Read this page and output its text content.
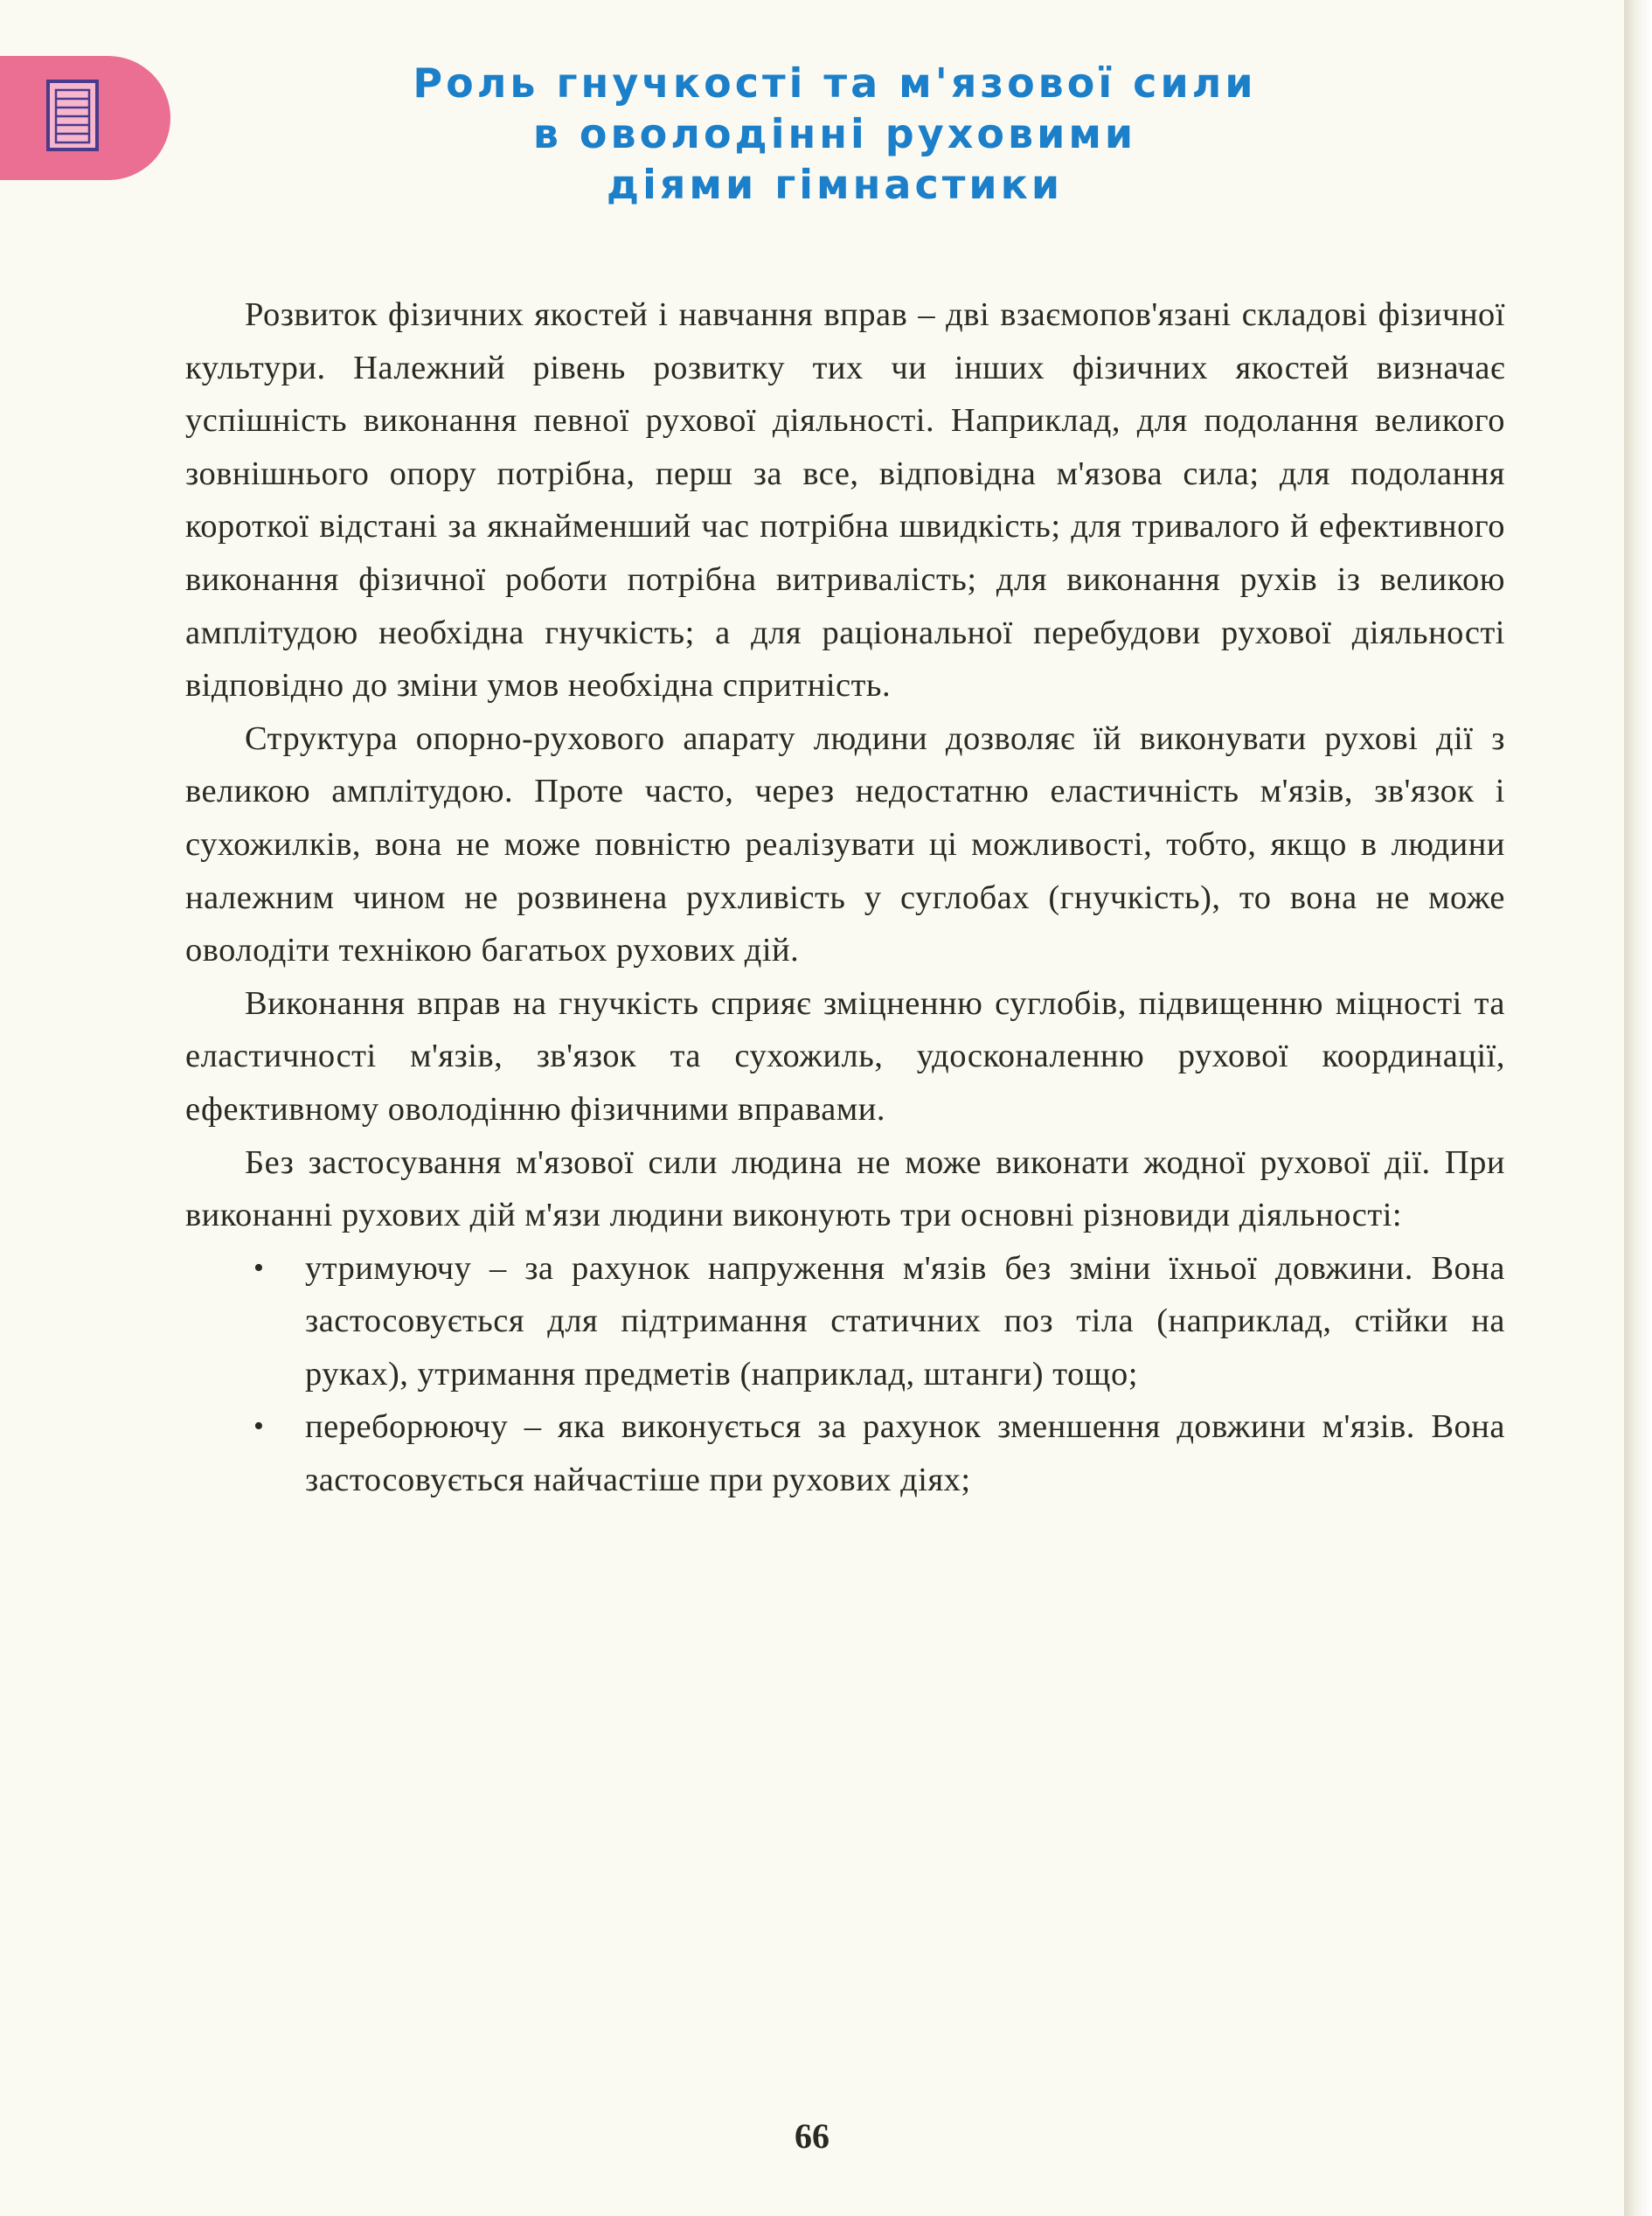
Роль гнучкості та м'язової сили
в оволодінні руховими
діями гімнастики

Розвиток фізичних якостей і навчання вправ – дві взаємопов'язані складові фізичної культури. Належний рівень розвитку тих чи інших фізичних якостей визначає успішність виконання певної рухової діяльності. Наприклад, для подолання великого зовнішнього опору потрібна, перш за все, відповідна м'язова сила; для подолання короткої відстані за якнайменший час потрібна швидкість; для тривалого й ефективного виконання фізичної роботи потрібна витривалість; для виконання рухів із великою амплітудою необхідна гнучкість; а для раціональної перебудови рухової діяльності відповідно до зміни умов необхідна спритність.

Структура опорно-рухового апарату людини дозволяє їй виконувати рухові дії з великою амплітудою. Проте часто, через недостатню еластичність м'язів, зв'язок і сухожилків, вона не може повністю реалізувати ці можливості, тобто, якщо в людини належним чином не розвинена рухливість у суглобах (гнучкість), то вона не може оволодіти технікою багатьох рухових дій.

Виконання вправ на гнучкість сприяє зміцненню суглобів, підвищенню міцності та еластичності м'язів, зв'язок та сухожиль, удосконаленню рухової координації, ефективному оволодінню фізичними вправами.

Без застосування м'язової сили людина не може виконати жодної рухової дії. При виконанні рухових дій м'язи людини виконують три основні різновиди діяльності:

• утримуючу – за рахунок напруження м'язів без зміни їхньої довжини. Вона застосовується для підтримання статичних поз тіла (наприклад, стійки на руках), утримання предметів (наприклад, штанги) тощо;
• переборюючу – яка виконується за рахунок зменшення довжини м'язів. Вона застосовується найчастіше при рухових діях;
66
